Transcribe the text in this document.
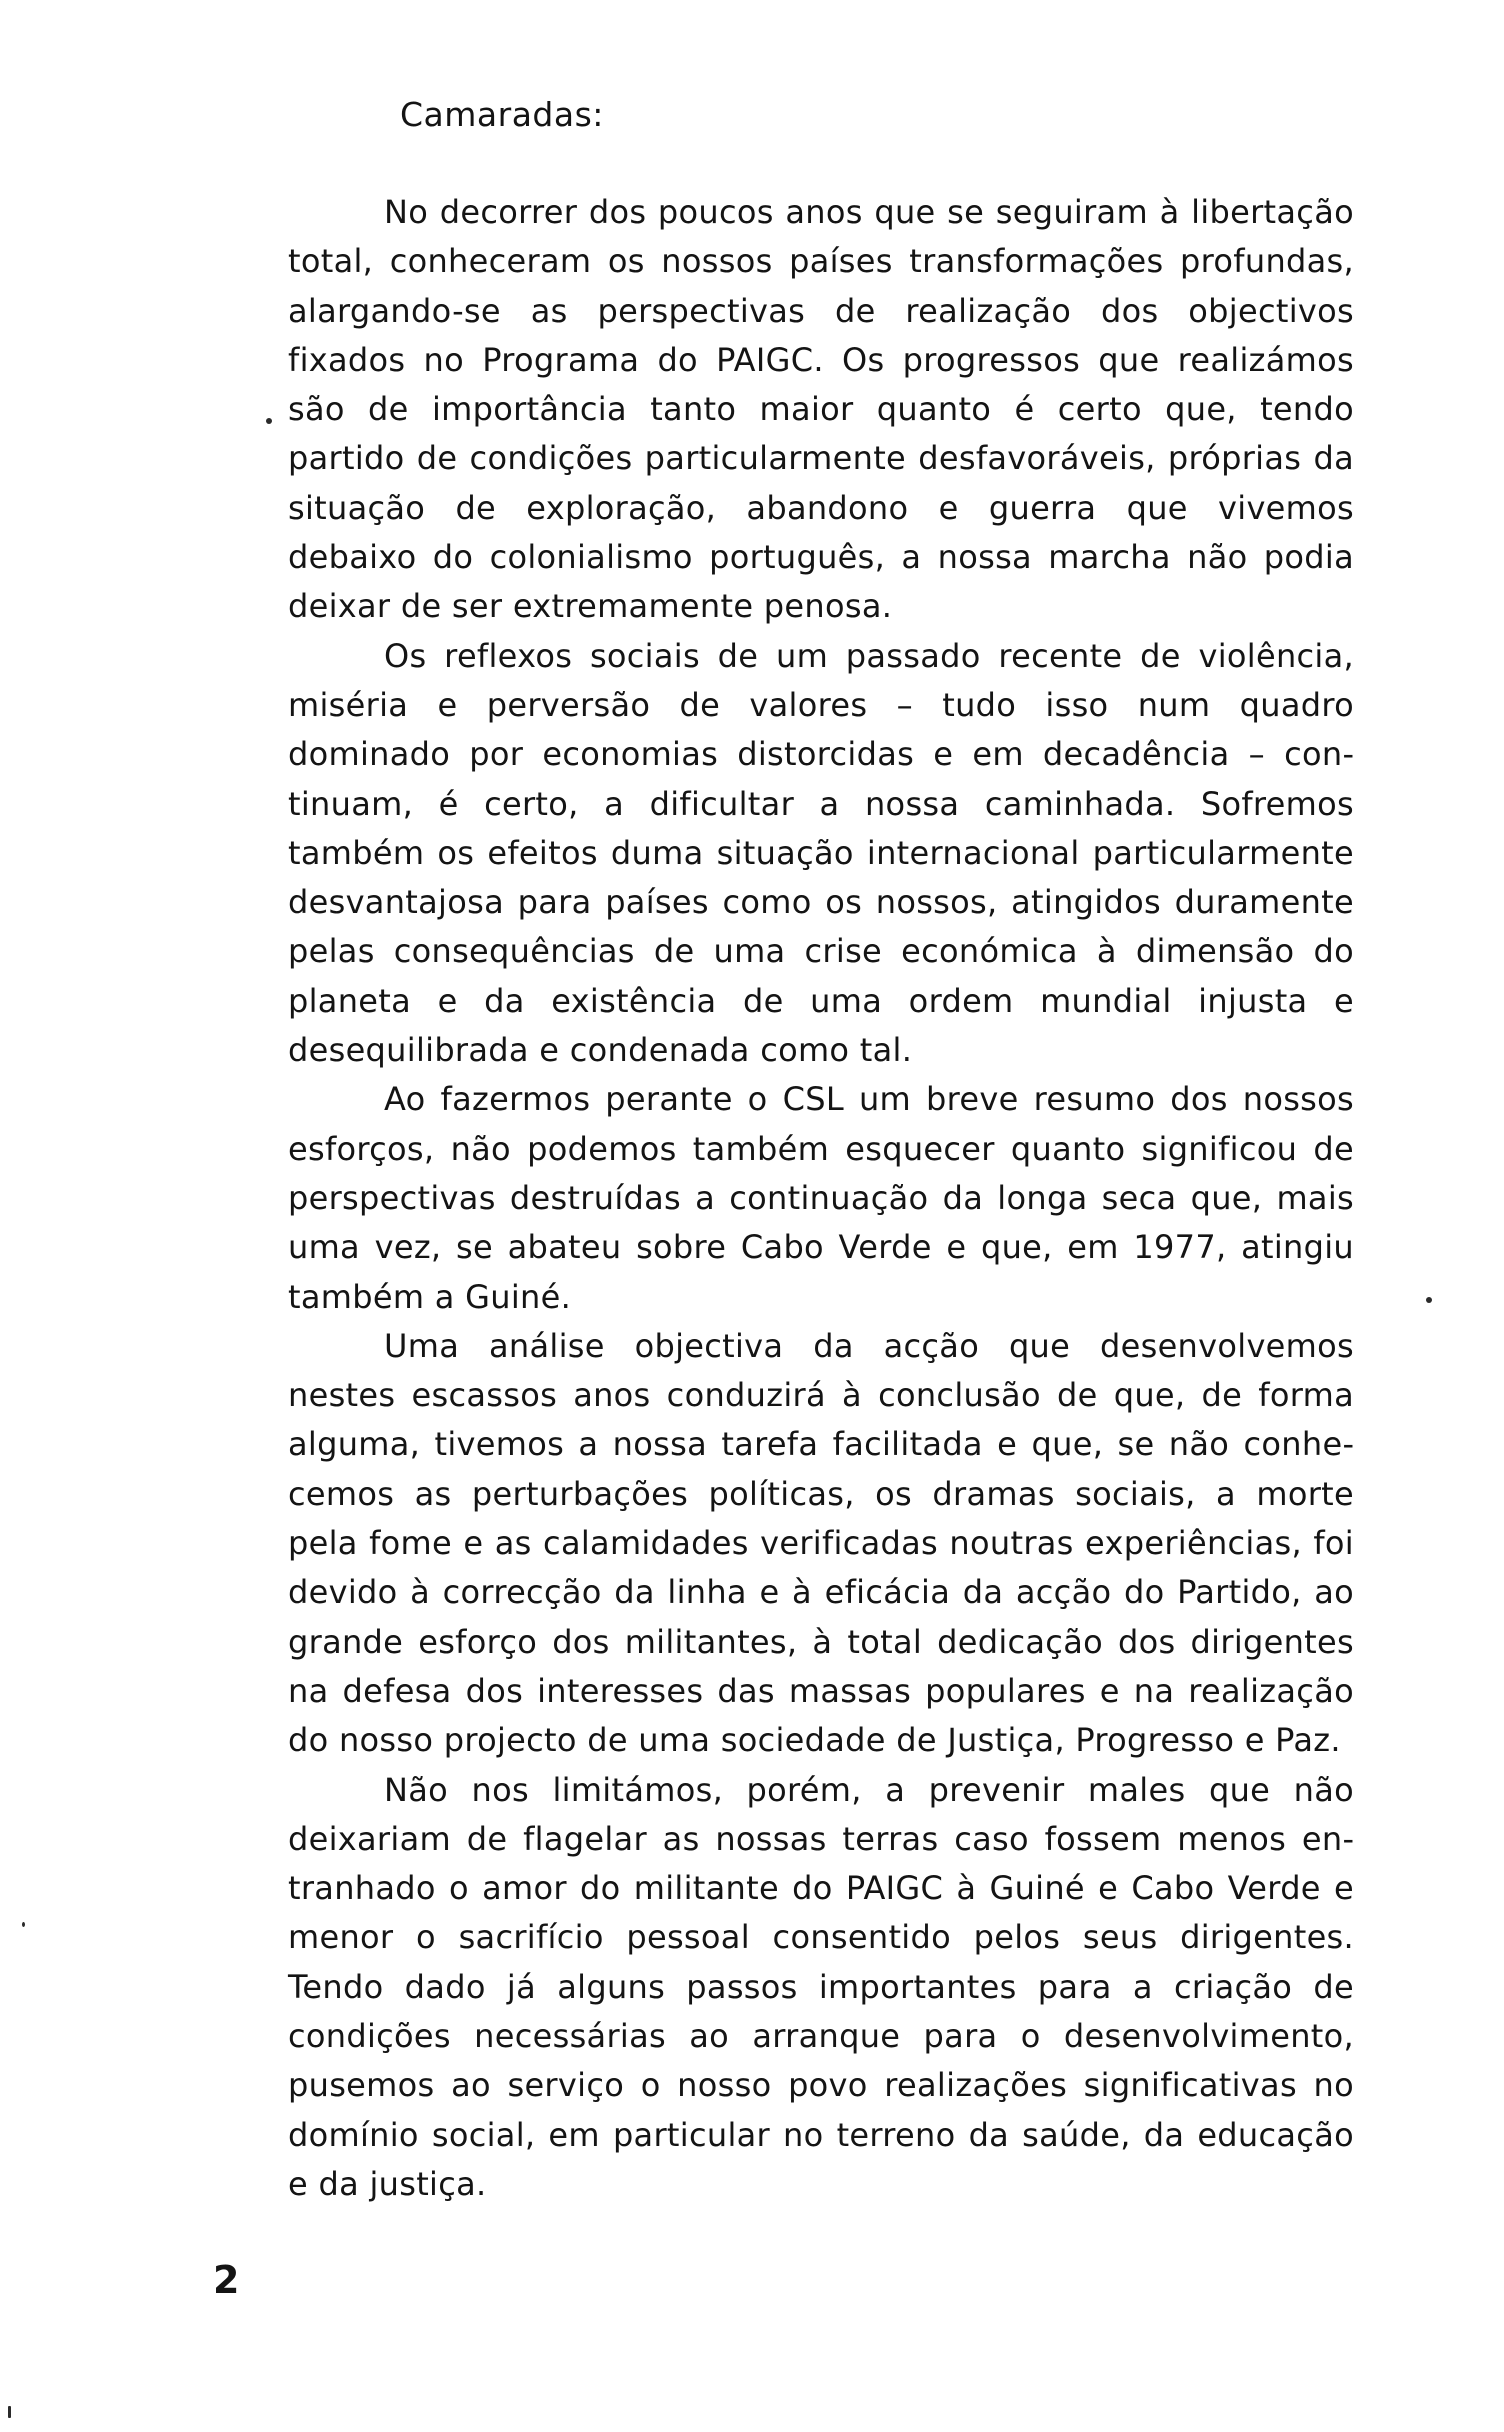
Camaradas:

No decorrer dos poucos anos que se seguiram à libertação total, conheceram os nossos países transformações profundas, alargando-se as perspectivas de realização dos objectivos fixados no Programa do PAIGC. Os progressos que realizámos são de importância tanto maior quanto é certo que, tendo partido de condições particularmente desfavoráveis, próprias da situação de exploração, abandono e guerra que vivemos debaixo do colonialismo português, a nossa marcha não podia deixar de ser extremamente penosa.

Os reflexos sociais de um passado recente de violência, miséria e perversão de valores – tudo isso num quadro dominado por economias distorcidas e em decadência – continuam, é certo, a dificultar a nossa caminhada. Sofremos também os efeitos duma situação internacional particularmente desvantajosa para países como os nossos, atingidos duramente pelas consequências de uma crise económica à dimensão do planeta e da existência de uma ordem mundial injusta e desequilibrada e condenada como tal.

Ao fazermos perante o CSL um breve resumo dos nossos esforços, não podemos também esquecer quanto significou de perspectivas destruídas a continuação da longa seca que, mais uma vez, se abateu sobre Cabo Verde e que, em 1977, atingiu também a Guiné.

Uma análise objectiva da acção que desenvolvemos nestes escassos anos conduzirá à conclusão de que, de forma alguma, tivemos a nossa tarefa facilitada e que, se não conhecemos as perturbações políticas, os dramas sociais, a morte pela fome e as calamidades verificadas noutras experiências, foi devido à correcção da linha e à eficácia da acção do Partido, ao grande esforço dos militantes, à total dedicação dos dirigentes na defesa dos interesses das massas populares e na realização do nosso projecto de uma sociedade de Justiça, Progresso e Paz.

Não nos limitámos, porém, a prevenir males que não deixariam de flagelar as nossas terras caso fossem menos entranhado o amor do militante do PAIGC à Guiné e Cabo Verde e menor o sacrifício pessoal consentido pelos seus dirigentes. Tendo dado já alguns passos importantes para a criação de condições necessárias ao arranque para o desenvolvimento, pusemos ao serviço o nosso povo realizações significativas no domínio social, em particular no terreno da saúde, da educação e da justiça.

2
